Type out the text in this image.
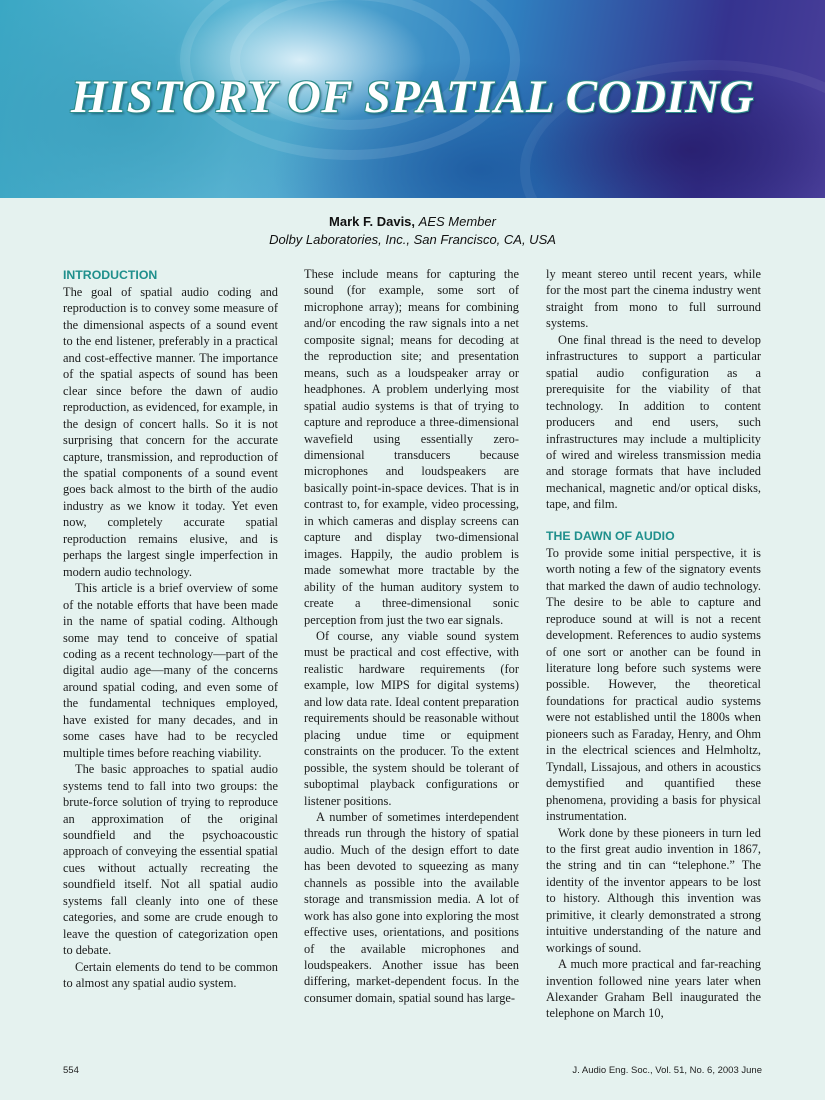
HISTORY OF SPATIAL CODING
Mark F. Davis, AES Member
Dolby Laboratories, Inc., San Francisco, CA, USA
INTRODUCTION

The goal of spatial audio coding and reproduction is to convey some measure of the dimensional aspects of a sound event to the end listener, preferably in a practical and cost-effective manner. The importance of the spatial aspects of sound has been clear since before the dawn of audio reproduction, as evidenced, for example, in the design of concert halls. So it is not surprising that concern for the accurate capture, transmission, and reproduction of the spatial components of a sound event goes back almost to the birth of the audio industry as we know it today. Yet even now, completely accurate spatial reproduction remains elusive, and is perhaps the largest single imperfection in modern audio technology.

This article is a brief overview of some of the notable efforts that have been made in the name of spatial coding. Although some may tend to conceive of spatial coding as a recent technology—part of the digital audio age—many of the concerns around spatial coding, and even some of the fundamental techniques employed, have existed for many decades, and in some cases have had to be recycled multiple times before reaching viability.

The basic approaches to spatial audio systems tend to fall into two groups: the brute-force solution of trying to reproduce an approximation of the original soundfield and the psychoacoustic approach of conveying the essential spatial cues without actually recreating the soundfield itself. Not all spatial audio systems fall cleanly into one of these categories, and some are crude enough to leave the question of categorization open to debate.

Certain elements do tend to be common to almost any spatial audio system.

These include means for capturing the sound (for example, some sort of microphone array); means for combining and/or encoding the raw signals into a net composite signal; means for decoding at the reproduction site; and presentation means, such as a loudspeaker array or headphones. A problem underlying most spatial audio systems is that of trying to capture and reproduce a three-dimensional wavefield using essentially zero-dimensional transducers because microphones and loudspeakers are basically point-in-space devices. That is in contrast to, for example, video processing, in which cameras and display screens can capture and display two-dimensional images. Happily, the audio problem is made somewhat more tractable by the ability of the human auditory system to create a three-dimensional sonic perception from just the two ear signals.

Of course, any viable sound system must be practical and cost effective, with realistic hardware requirements (for example, low MIPS for digital systems) and low data rate. Ideal content preparation requirements should be reasonable without placing undue time or equipment constraints on the producer. To the extent possible, the system should be tolerant of suboptimal playback configurations or listener positions.

A number of sometimes interdependent threads run through the history of spatial audio. Much of the design effort to date has been devoted to squeezing as many channels as possible into the available storage and transmission media. A lot of work has also gone into exploring the most effective uses, orientations, and positions of the available microphones and loudspeakers. Another issue has been differing, market-dependent focus. In the consumer domain, spatial sound has large-

ly meant stereo until recent years, while for the most part the cinema industry went straight from mono to full surround systems.

One final thread is the need to develop infrastructures to support a particular spatial audio configuration as a prerequisite for the viability of that technology. In addition to content producers and end users, such infrastructures may include a multiplicity of wired and wireless transmission media and storage formats that have included mechanical, magnetic and/or optical disks, tape, and film.

THE DAWN OF AUDIO

To provide some initial perspective, it is worth noting a few of the signatory events that marked the dawn of audio technology. The desire to be able to capture and reproduce sound at will is not a recent development. References to audio systems of one sort or another can be found in literature long before such systems were possible. However, the theoretical foundations for practical audio systems were not established until the 1800s when pioneers such as Faraday, Henry, and Ohm in the electrical sciences and Helmholtz, Tyndall, Lissajous, and others in acoustics demystified and quantified these phenomena, providing a basis for physical instrumentation.

Work done by these pioneers in turn led to the first great audio invention in 1867, the string and tin can “telephone.” The identity of the inventor appears to be lost to history. Although this invention was primitive, it clearly demonstrated a strong intuitive understanding of the nature and workings of sound.

A much more practical and far-reaching invention followed nine years later when Alexander Graham Bell inaugurated the telephone on March 10,

554	J. Audio Eng. Soc., Vol. 51, No. 6, 2003 June
